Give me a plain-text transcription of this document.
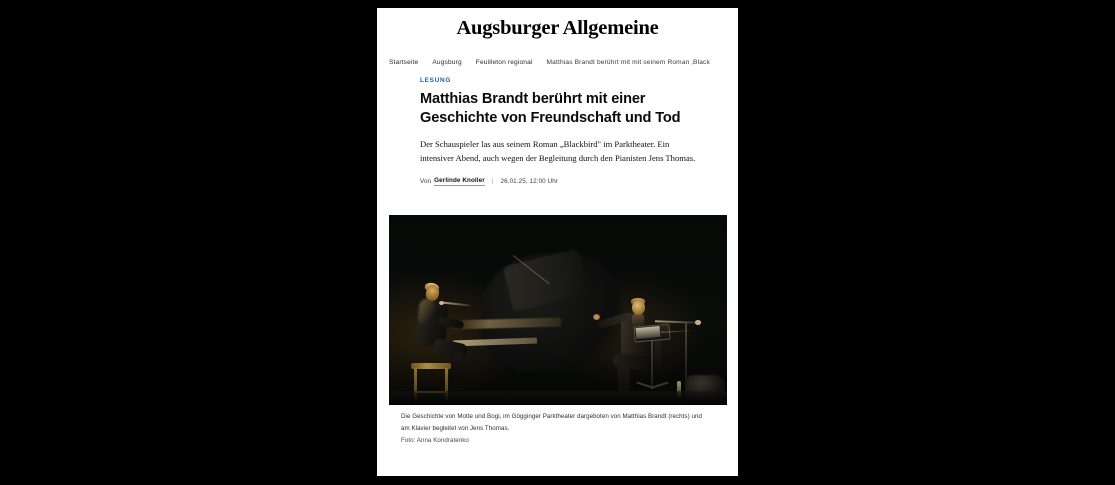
Augsburger Allgemeine
Startseite Augsburg Feuilleton regional Matthias Brandt berührt mit mit seinem Roman ‚Black
LESUNG
Matthias Brandt berührt mit einer Geschichte von Freundschaft und Tod

Der Schauspieler las aus seinem Roman „Blackbird" im Parktheater. Ein intensiver Abend, auch wegen der Begleitung durch den Pianisten Jens Thomas.

Von Gerlinde Knoller | 26.01.25, 12:00 Uhr
Die Geschichte von Motte und Bogi, im Gögginger Parktheater dargeboten von Matthias Brandt (rechts) und am Klavier begleitet von Jens Thomas.
Foto: Anna Kondratenko
